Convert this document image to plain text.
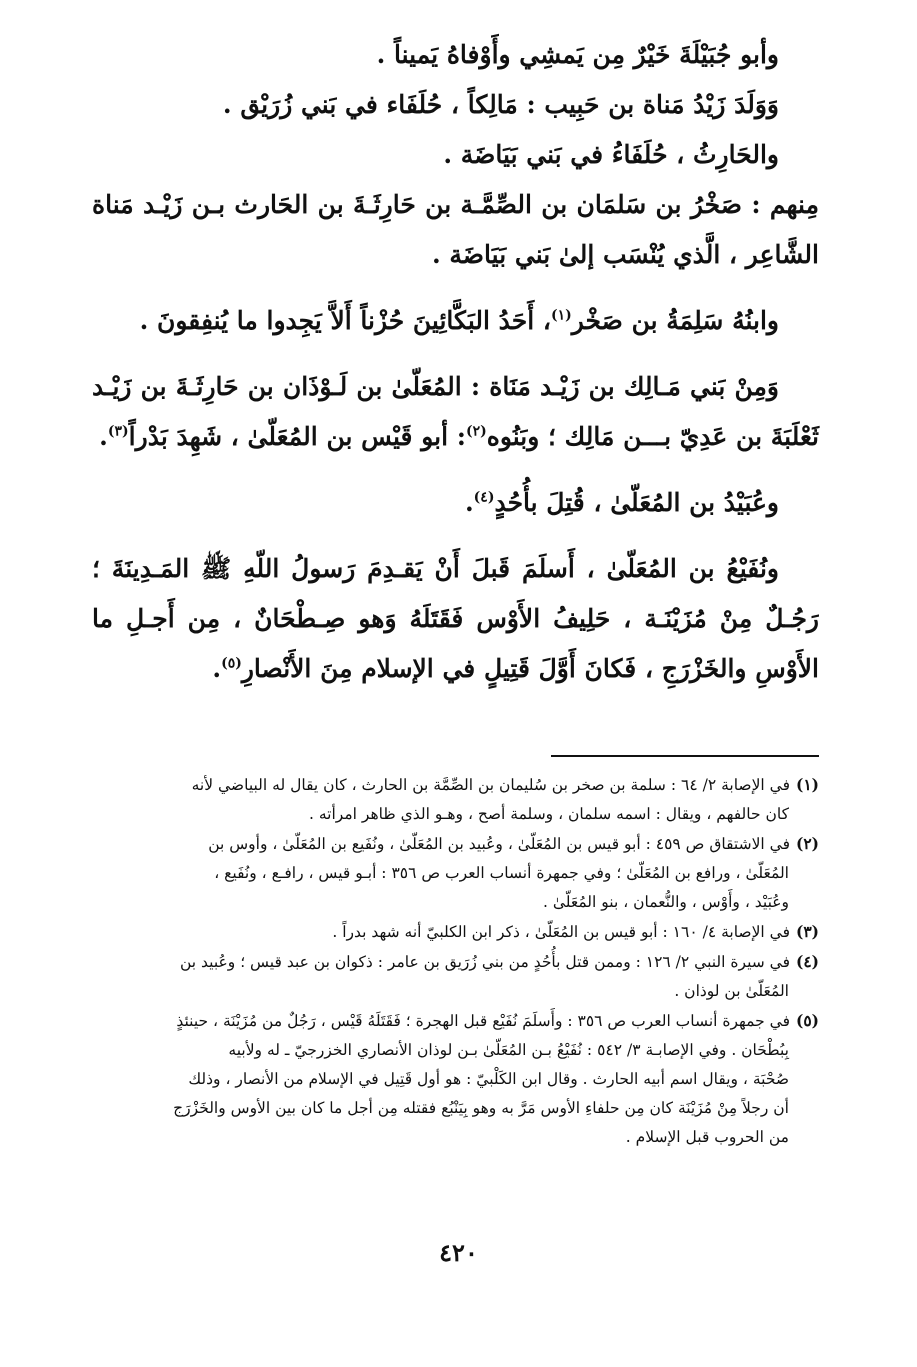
وأبو جُبَيْلَةَ خَيْرٌ مِن يَمشِي وأَوْفاهُ يَميناً .
وَوَلَدَ زَيْدُ مَناة بن حَبِيب : مَالِكاً ، حُلَفَاء في بَني زُرَيْق .
والحَارِثُ ، حُلَفَاءُ في بَني بَيَاضَة .
مِنهم : صَخْرُ بن سَلمَان بن الصِّمَّـة بن حَارِثَـةَ بن الحَارث بـن زَيْـد مَناة
الشَّاعِر ، الَّذي يُنْسَب إلىٰ بَني بَيَاضَة .
وابنُهُ سَلِمَةُ بن صَخْر$^{(١)}$، أَحَدُ البَكَّائِينَ حُزْناً أَلاَّ يَجِدوا ما يُنفِقونَ .
وَمِنْ بَني مَـالِك بن زَيْـد مَنَاة : المُعَلّىٰ بن لَـوْذَان بن حَارِثَـةَ بن زَيْـد
ثَعْلَبَةَ بن عَدِيّ بـــن مَالِك ؛ وبَنُوه$^{(٢)}$: أبو قَيْس بن المُعَلّىٰ ، شَهِدَ بَدْراً$^{(٣)}$.
وعُبَيْدُ بن المُعَلّىٰ ، قُتِلَ بأُحُدٍ$^{(٤)}$.
ونُفَيْعُ بن المُعَلّىٰ ، أَسلَمَ قَبلَ أَنْ يَقـدِمَ رَسولُ اللّهِ ﷺ المَـدِينَةَ ؛
رَجُـلٌ مِنْ مُزَيْنَـة ، حَلِيفُ الأَوْس فَقَتَلَهُ وَهو صِـطْحَانٌ ، مِن أَجـلِ ما
الأَوْسِ والخَزْرَجِ ، فَكانَ أَوَّلَ قَتِيلٍ في الإسلام مِنَ الأَنْصارِ$^{(٥)}$.

(١)في الإصابة ٢/ ٦٤ : سلمة بن صخر بن سُليمان بن الصِّمَّة بن الحارث ، كان يقال له البياضي لأنه

كان حالفهم ، ويقال : اسمه سلمان ، وسلمة أصح ، وهـو الذي ظاهر امرأته .

(٢)في الاشتقاق ص ٤٥٩ : أبو قيس بن المُعَلّىٰ ، وعُبيد بن المُعَلّىٰ ، ونُفَيع بن المُعَلّىٰ ، وأوس بن

المُعَلّىٰ ، ورافع بن المُعَلّىٰ ؛ وفي جمهرة أنساب العرب ص ٣٥٦ : أبـو قيس ، رافـع ، ونُفَيع ،

وعُبَيْد ، وأَوْس ، والنُّعمان ، بنو المُعَلّىٰ .

(٣)في الإصابة ٤/ ١٦٠ : أبو قيس بن المُعَلّىٰ ، ذكر ابن الكلبيّ أنه شهد بدراً .

(٤)في سيرة النبي ٢/ ١٢٦ : وممن قتل بأُحُدٍ من بني زُرَيق بن عامر : ذكوان بن عبد قيس ؛ وعُبيد بن

المُعَلّىٰ بن لوذان .

(٥)في جمهرة أنساب العرب ص ٣٥٦ : وأَسلَمَ نُفَيْع قبل الهجرة ؛ فَقَتَلَهُ قَيْس ، رَجُلٌ من مُزَيْنَة ، حينئذٍ

بِبُطْحَان . وفي الإصابـة ٣/ ٥٤٢ : نُفَيْعُ بـن المُعَلّىٰ بـن لوذان الأنصاري الخزرجيّ ـ له ولأبيه

صُحْبَة ، ويقال اسم أبيه الحارث . وقال ابن الكَلْبيّ : هو أول قَتِيل في الإسلام من الأنصار ، وذلك

أن رجلاً مِنْ مُزَيْنَة كان مِن حلفاءِ الأوس مَرَّ به وهو بِيَنْبُع فقتله مِن أجل ما كان بين الأوس والخَزْرَج

من الحروب قبل الإسلام .

٤٢٠
